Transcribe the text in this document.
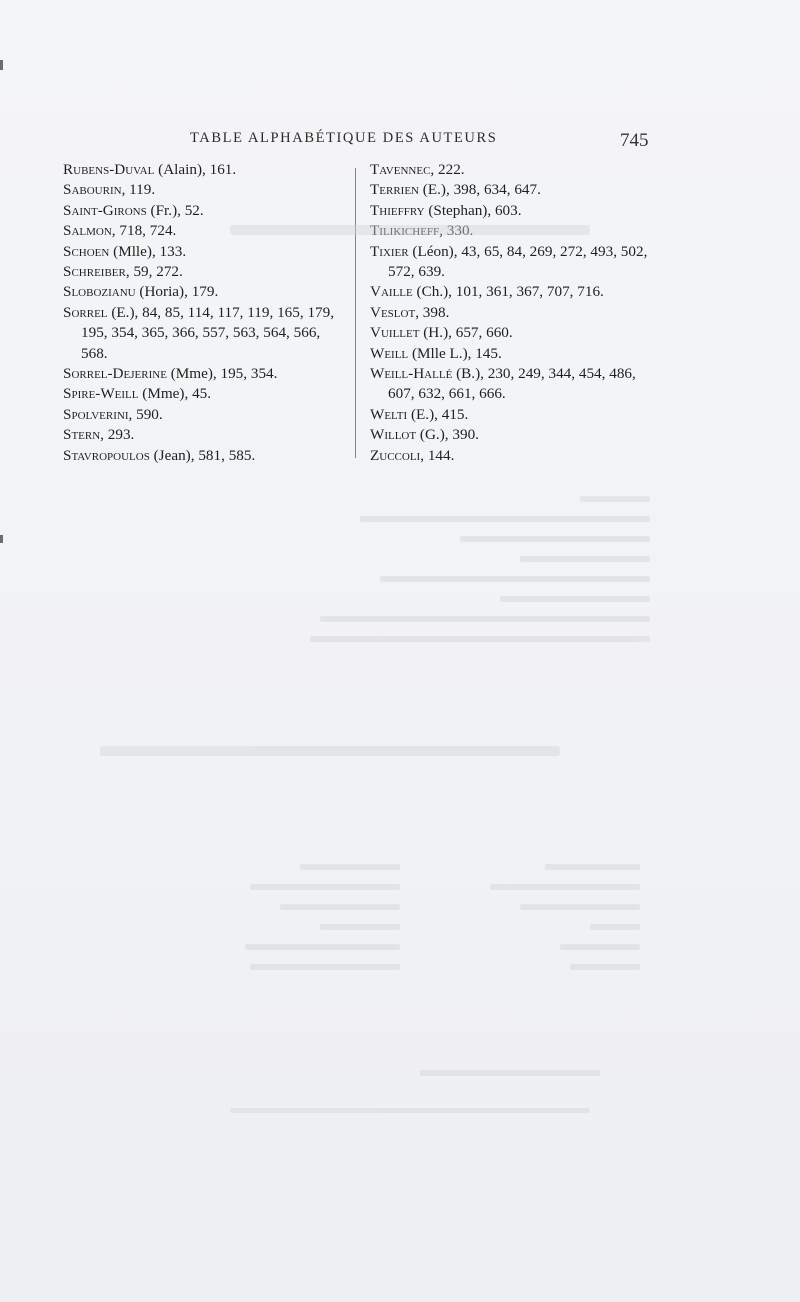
TABLE ALPHABÉTIQUE DES AUTEURS	745
Rubens-Duval (Alain), 161.
Sabourin, 119.
Saint-Girons (Fr.), 52.
Salmon, 718, 724.
Schoen (Mlle), 133.
Schreiber, 59, 272.
Slobozianu (Horia), 179.
Sorrel (E.), 84, 85, 114, 117, 119, 165, 179, 195, 354, 365, 366, 557, 563, 564, 566, 568.
Sorrel-Dejerine (Mme), 195, 354.
Spire-Weill (Mme), 45.
Spolverini, 590.
Stern, 293.
Stavropoulos (Jean), 581, 585.
Tavennec, 222.
Terrien (E.), 398, 634, 647.
Thieffry (Stephan), 603.
Tilikicheff, 330.
Tixier (Léon), 43, 65, 84, 269, 272, 493, 502, 572, 639.
Vaille (Ch.), 101, 361, 367, 707, 716.
Veslot, 398.
Vuillet (H.), 657, 660.
Weill (Mlle L.), 145.
Weill-Hallé (B.), 230, 249, 344, 454, 486, 607, 632, 661, 666.
Welti (E.), 415.
Willot (G.), 390.
Zuccoli, 144.
